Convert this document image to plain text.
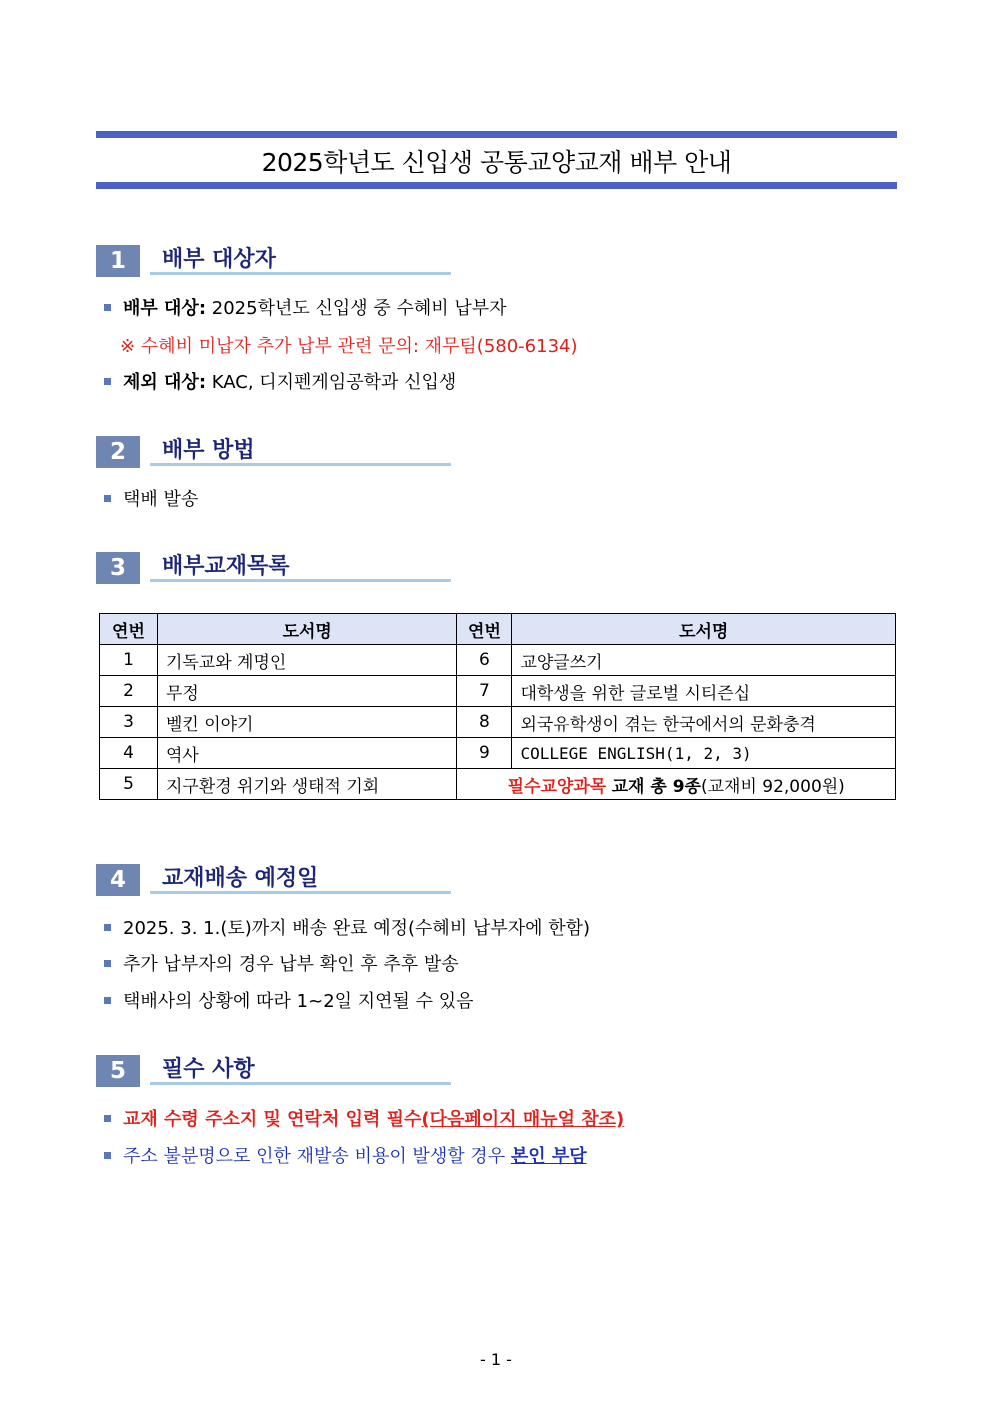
2025학년도 신입생 공통교양교재 배부 안내
1	배부 대상자
배부 대상: 2025학년도 신입생 중 수혜비 납부자
※ 수혜비 미납자 추가 납부 관련 문의: 재무팀(580-6134)
제외 대상: KAC, 디지펜게임공학과 신입생
2	배부 방법
택배 발송
3	배부교재목록
연번	도서명	연번	도서명
1	기독교와 계명인	6	교양글쓰기
2	무정	7	대학생을 위한 글로벌 시티즌십
3	벨킨 이야기	8	외국유학생이 겪는 한국에서의 문화충격
4	역사	9	COLLEGE ENGLISH(1, 2, 3)
5	지구환경 위기와 생태적 기회	필수교양과목 교재 총 9종(교재비 92,000원)	
4	교재배송 예정일
2025. 3. 1.(토)까지 배송 완료 예정(수혜비 납부자에 한함)
추가 납부자의 경우 납부 확인 후 추후 발송
택배사의 상황에 따라 1~2일 지연될 수 있음
5	필수 사항
교재 수령 주소지 및 연락처 입력 필수(다음페이지 매뉴얼 참조)
주소 불분명으로 인한 재발송 비용이 발생할 경우 본인 부담
- 1 -
